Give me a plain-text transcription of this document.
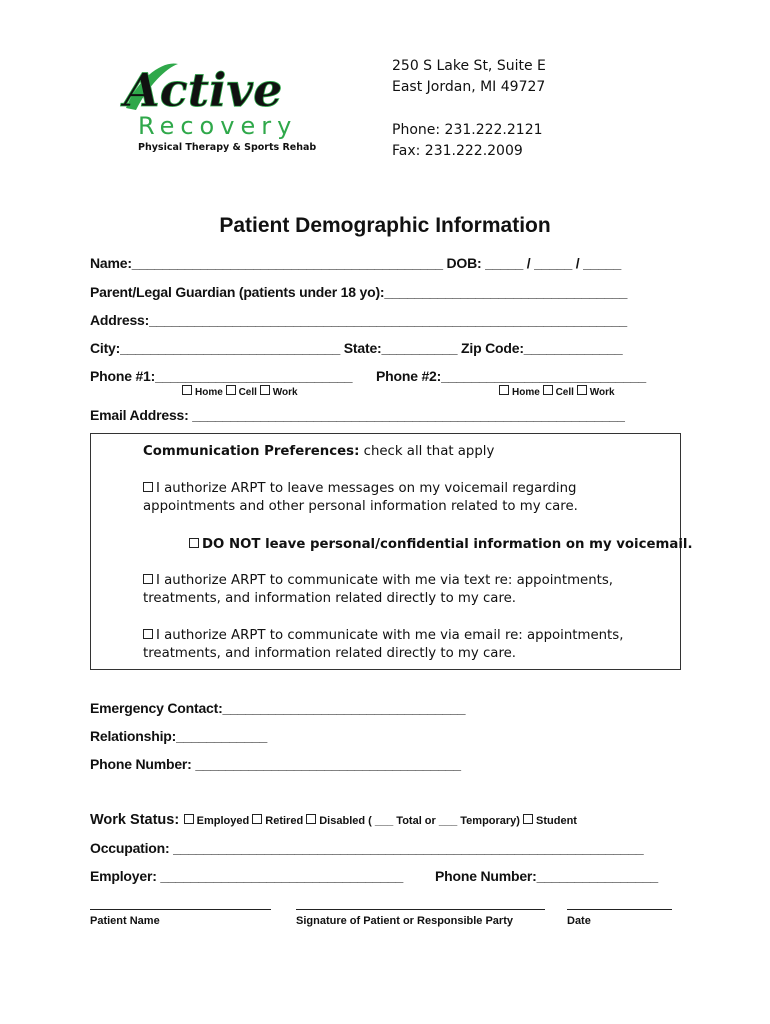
Active
Recovery
Physical Therapy & Sports Rehab
250 S Lake St, Suite E
East Jordan, MI 49727
Phone: 231.222.2121
Fax: 231.222.2009
Patient Demographic Information
Name:_________________________________________ DOB: _____ / _____ / _____
Parent/Legal Guardian (patients under 18 yo):________________________________
Address:_______________________________________________________________
City:_____________________________ State:__________ Zip Code:_____________
Phone #1:__________________________ Phone #2:___________________________
Home Cell Work	Home Cell Work
Email Address: _________________________________________________________
Communication Preferences: check all that apply
I authorize ARPT to leave messages on my voicemail regarding
appointments and other personal information related to my care.
DO NOT leave personal/confidential information on my voicemail.
I authorize ARPT to communicate with me via text re: appointments,
treatments, and information related directly to my care.
I authorize ARPT to communicate with me via email re: appointments,
treatments, and information related directly to my care.
Emergency Contact:________________________________
Relationship:____________
Phone Number: ___________________________________
Work Status: Employed Retired Disabled ( ___ Total or ___ Temporary) Student
Occupation: ______________________________________________________________
Employer: ________________________________ Phone Number:________________
Patient Name	Signature of Patient or Responsible Party	Date
